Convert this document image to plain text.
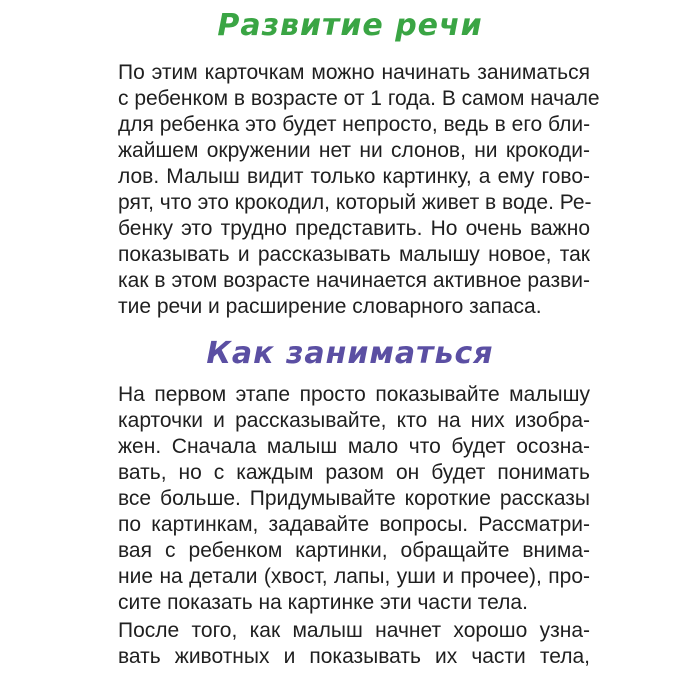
Развитие речи

По этим карточкам можно начинать заниматься

с ребенком в возрасте от 1 года. В самом начале

для ребенка это будет непросто, ведь в его бли-

жайшем окружении нет ни слонов, ни крокоди-

лов. Малыш видит только картинку, а ему гово-

рят, что это крокодил, который живет в воде. Ре-

бенку это трудно представить. Но очень важно

показывать и рассказывать малышу новое, так

как в этом возрасте начинается активное разви-

тие речи и расширение словарного запаса.

Как заниматься

На первом этапе просто показывайте малышу

карточки и рассказывайте, кто на них изобра-

жен. Сначала малыш мало что будет осозна-

вать, но с каждым разом он будет понимать

все больше. Придумывайте короткие рассказы

по картинкам, задавайте вопросы. Рассматри-

вая с ребенком картинки, обращайте внима-

ние на детали (хвост, лапы, уши и прочее), про-

сите показать на картинке эти части тела.

После того, как малыш начнет хорошо узна-

вать животных и показывать их части тела,
